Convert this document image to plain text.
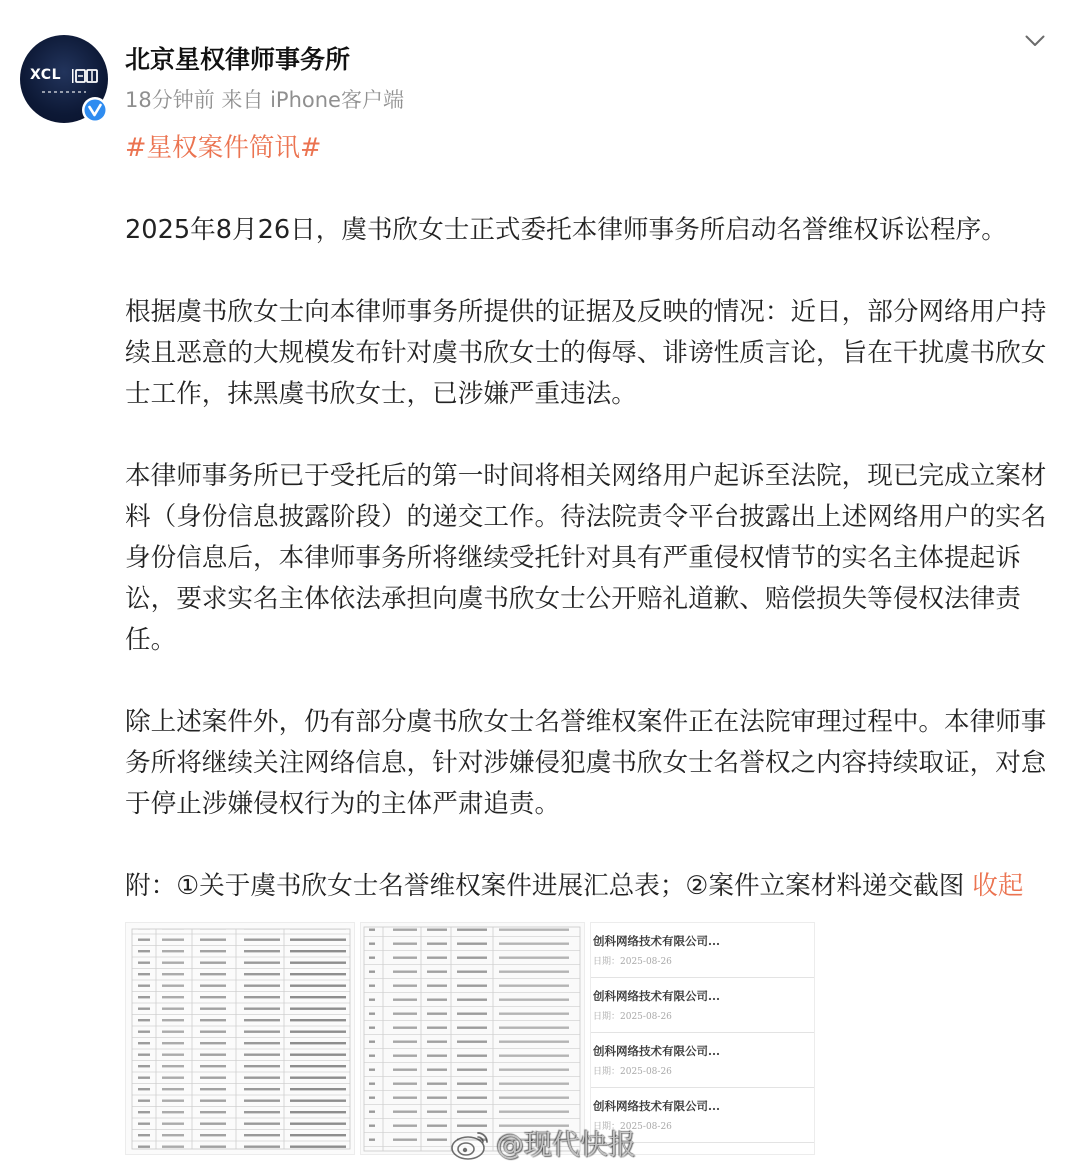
XCL
北京星权律师事务所
18分钟前 来自 iPhone客户端

#星权案件简讯#

2025年8月26日，虞书欣女士正式委托本律师事务所启动名誉维权诉讼程序。

根据虞书欣女士向本律师事务所提供的证据及反映的情况：近日，部分网络用户持续且恶意的大规模发布针对虞书欣女士的侮辱、诽谤性质言论，旨在干扰虞书欣女士工作，抹黑虞书欣女士，已涉嫌严重违法。

本律师事务所已于受托后的第一时间将相关网络用户起诉至法院，现已完成立案材料（身份信息披露阶段）的递交工作。待法院责令平台披露出上述网络用户的实名身份信息后，本律师事务所将继续受托针对具有严重侵权情节的实名主体提起诉讼，要求实名主体依法承担向虞书欣女士公开赔礼道歉、赔偿损失等侵权法律责任。

除上述案件外，仍有部分虞书欣女士名誉维权案件正在法院审理过程中。本律师事务所将继续关注网络信息，针对涉嫌侵犯虞书欣女士名誉权之内容持续取证，对怠于停止涉嫌侵权行为的主体严肃追责。

附：①关于虞书欣女士名誉维权案件进展汇总表；②案件立案材料递交截图 收起

创科网络技术有限公司...
日期：2025-08-26
创科网络技术有限公司...
日期：2025-08-26
创科网络技术有限公司...
日期：2025-08-26
创科网络技术有限公司...
日期：2025-08-26
@现代快报
